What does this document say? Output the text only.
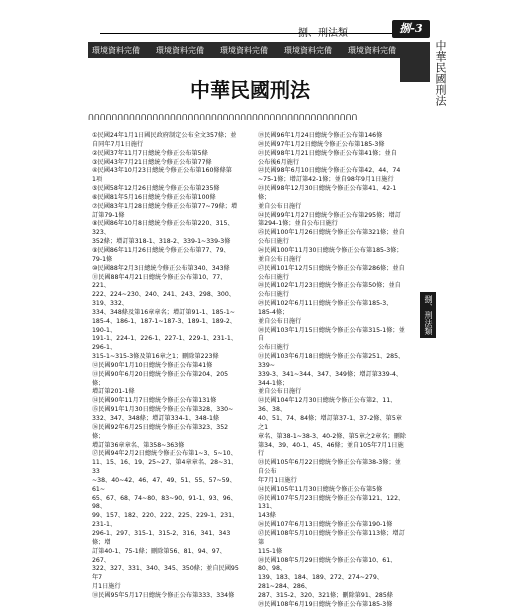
捌、刑法類	捌-3
中華民國刑法
環境資料完備 環境資料完備 環境資料完備 環境資料完備 環境資料完備
中華民國刑法
ᑎᑎᑎᑎᑎᑎᑎᑎᑎᑎᑎᑎᑎᑎᑎᑎᑎᑎᑎᑎᑎᑎᑎᑎᑎᑎᑎᑎᑎᑎᑎᑎᑎᑎᑎᑎᑎᑎᑎᑎᑎᑎᑎᑎᑎᑎ

①民國24年1月1日國民政府制定公布全文357條；並

自同年7月1日施行

②民國37年11月7日總統令修正公布第5條

③民國43年7月21日總統令修正公布第77條

④民國43年10月23日總統令修正公布第160條條第

1項

⑤民國58年12月26日總統令修正公布第235條

⑥民國81年5月16日總統令修正公布第100條

⑦民國83年1月28日總統令修正公布第77~79條；增

訂第79-1條

⑧民國86年10月8日總統令修正公布第220、315、323、

352條；增訂第318-1、318-2、339-1~339-3條

⑨民國86年11月26日總統令修正公布第77、79、

79-1條

⑩民國88年2月3日總統令修正公布第340、343條

⑪民國88年4月21日總統令修正公布第10、77、221、

222、224~230、240、241、243、298、300、319、332、

334、348條及第16章章名；增訂第91-1、185-1~

185-4、186-1、187-1~187-3、189-1、189-2、190-1、

191-1、224-1、226-1、227-1、229-1、231-1、296-1、

315-1~315-3條及第16章之1；刪除第223條

⑫民國90年1月10日總統令修正公布第41條

⑬民國90年6月20日總統令修正公布第204、205條；

增訂第201-1條

⑭民國90年11月7日總統令修正公布第131條

⑮民國91年1月30日總統令修正公布第328、330~

332、347、348條；增訂第334-1、348-1條

⑯民國92年6月25日總統令修正公布第323、352條；

增訂第36章章名、第358~363條

⑰民國94年2月2日總統令修正公布第1~3、5~10、

11、15、16、19、25~27、第4章章名、28~31、33

~38、40~42、46、47、49、51、55、57~59、61~

65、67、68、74~80、83~90、91-1、93、96、98、

99、157、182、220、222、225、229-1、231、231-1、

296-1、297、315-1、315-2、316、341、343條；增

訂第40-1、75-1條；刪除第56、81、94、97、267、

322、327、331、340、345、350條；並自民國95年7

月1日施行

⑱民國95年5月17日總統令修正公布第333、334條

⑲民國96年1月24日總統令修正公布第146條

⑳民國97年1月2日總統令修正公布第185-3條

㉑民國98年1月21日總統令修正公布第41條；並自

公布後6月施行

㉒民國98年6月10日總統令修正公布第42、44、74

~75-1條；增訂第42-1條；並自98年9月1日施行

㉓民國98年12月30日總統令修正公布第41、42-1條；

並自公布日施行

㉔民國99年1月27日總統令修正公布第295條；增訂

第294-1條；並自公布日施行

㉕民國100年1月26日總統令修正公布第321條；並自

公布日施行

㉖民國100年11月30日總統令修正公布第185-3條；

並自公布日施行

㉗民國101年12月5日總統令修正公布第286條；並自

公布日施行

㉘民國102年1月23日總統令修正公布第50條；並自

公布日施行

㉙民國102年6月11日總統令修正公布第185-3、185-4條；

並自公布日施行

㉚民國103年1月15日總統令修正公布第315-1條；並自

公布日施行

㉛民國103年6月18日總統令修正公布第251、285、339~

339-3、341~344、347、349條；增訂第339-4、344-1條；

並自公布日施行

㉜民國104年12月30日總統令修正公布第2、11、36、38、

40、51、74、84條；增訂第37-1、37-2條、第5章之1

章名、第38-1~38-3、40-2條、第5章之2章名；刪除

第34、39、40-1、45、46條；並自105年7月1日施行

㉝民國105年6月22日總統令修正公布第38-3條；並自公布

年7月1日施行

㉞民國105年11月30日總統令修正公布第5條

㉟民國107年5月23日總統令修正公布第121、122、131、

143條

㊱民國107年6月13日總統令修正公布第190-1條

㊲民國108年5月10日總統令修正公布第113條；增訂第

115-1條

㊳民國108年5月29日總統令修正公布第10、61、80、98、

139、183、184、189、272、274~279、281~284、286、

287、315-2、320、321條；刪除第91、285條

㊴民國108年6月19日總統令修正公布第185-3條

捌、刑法類
